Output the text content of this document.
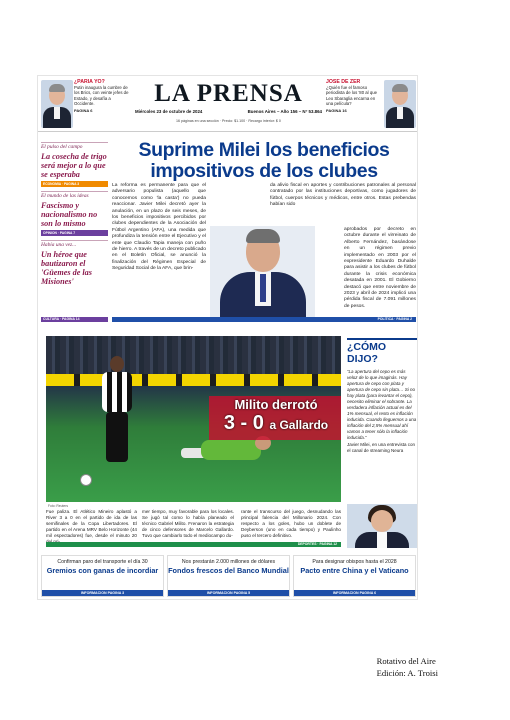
¿PARIA YO?
Putin inaugura la cumbre de los Brics, con veinte jefes de Estado, y desafía a Occidente.
PAGINA 6
LA PRENSA
Miércoles 23 de octubre de 2024	Buenos Aires – Año 156 – N° 53.864
16 páginas en una sección · Precio: $1.100 · Recargo interior: $ 0
JOSE DE ZER
¿Quién fue el famoso periodista de los '80 al que Leo Sbaraglia encarna en una película?
PAGINA 16
El pulso del campo
La cosecha de trigo será mejor a lo que se esperaba
ECONOMIA · PAGINA 3
El mundo de las ideas
Fascismo y nacionalismo no son lo mismo
OPINION · PAGINA 7
Había una vez...
Un héroe que bautizaron el 'Güemes de las Misiones'
Suprime Milei los beneficios impositivos de los clubes
La reforma es permanente para que el adversario populista (aquello que conocemos como 'la casta') no pueda reaccionar. Javier Milei decretó ayer la anulación, en un plazo de seis meses, de los beneficios impositivos percibidos por clubes dependientes de la Asociación del Fútbol Argentino (AFA), una medida que profundiza la tensión entre el Ejecutivo y el ente que Claudio Tapia maneja con puño de hierro. A través de un decreto publicado en el Boletín Oficial, se anunció la finalización del Régimen Especial de Seguridad Social de la AFA, que brin-
da alivio fiscal en aportes y contribuciones patronales al personal contratado por las instituciones deportivas, como jugadores de fútbol, cuerpos técnicos y médicos, entre otros. Estas prebendas habían sido
aprobados por decreto en octubre durante el virreinato de Alberto Fernández, basándose en un régimen previo implementado en 2003 por el expresidente Eduardo Duhalde para asistir a los clubes de fútbol durante la crisis económica desatada en 2001. El Gobierno destacó que entre noviembre de 2023 y abril de 2024 implicó una pérdida fiscal de 7.091 millones de pesos.
CULTURA · PAGINA 14	POLITICA · PAGINA 2
Milito derrotó
3 - 0 a Gallardo
Foto: Reuters
Fue paliza. El Atlético Mineiro aplastó a River 3 a 0 en el partido de ida de las semifinales de la Copa Libertadores. El partido en el Arena MRV Belo Horizonte (44 mil espectadores) fue, desde el minuto 20
mer tiempo, muy favorable para los locales. Se jugó tal como lo había planeado el técnico Gabriel Milito. Frenaron la estrategia de cinco defensores de Marcelo Gallardo. Tuvo que cambiarlo todo el mediocampo du-
rante el transcurso del juego, desnudando las principal falencia del Millonario 2024. Con respecto a los goles, hubo un doblete de Deyberson (uno en cada tiempo) y Paulinho puso el tercero definitivo.
DEPORTES · PAGINA 12
¿CÓMO DIJO?
“La apertura del cepo es más veloz de lo que imaginás. Hay apertura de cepo con plata y apertura de cepo sin plata… Si no hay plata (para levantar el cepo), necesito eliminar el sobrante. La verdadera inflación actual es del 1% mensual, el resto es inflación inducida. Cuando lleguemos a una inflación del 2,5% mensual ahí vamos a tener sólo la inflación inducida.”
Javier Milei, en una entrevista con el canal de streaming Neura
Confirman paro del transporte el día 30
Gremios con ganas de incordiar
INFORMACION PAGINA 3
Nos prestarán 2.000 millones de dólares
Fondos frescos del Banco Mundial
INFORMACION PAGINA 5
Para designar obispos hasta el 2028
Pacto entre China y el Vaticano
INFORMACION PAGINA 6
Rotativo del Aire
Edición: A. Troisi
